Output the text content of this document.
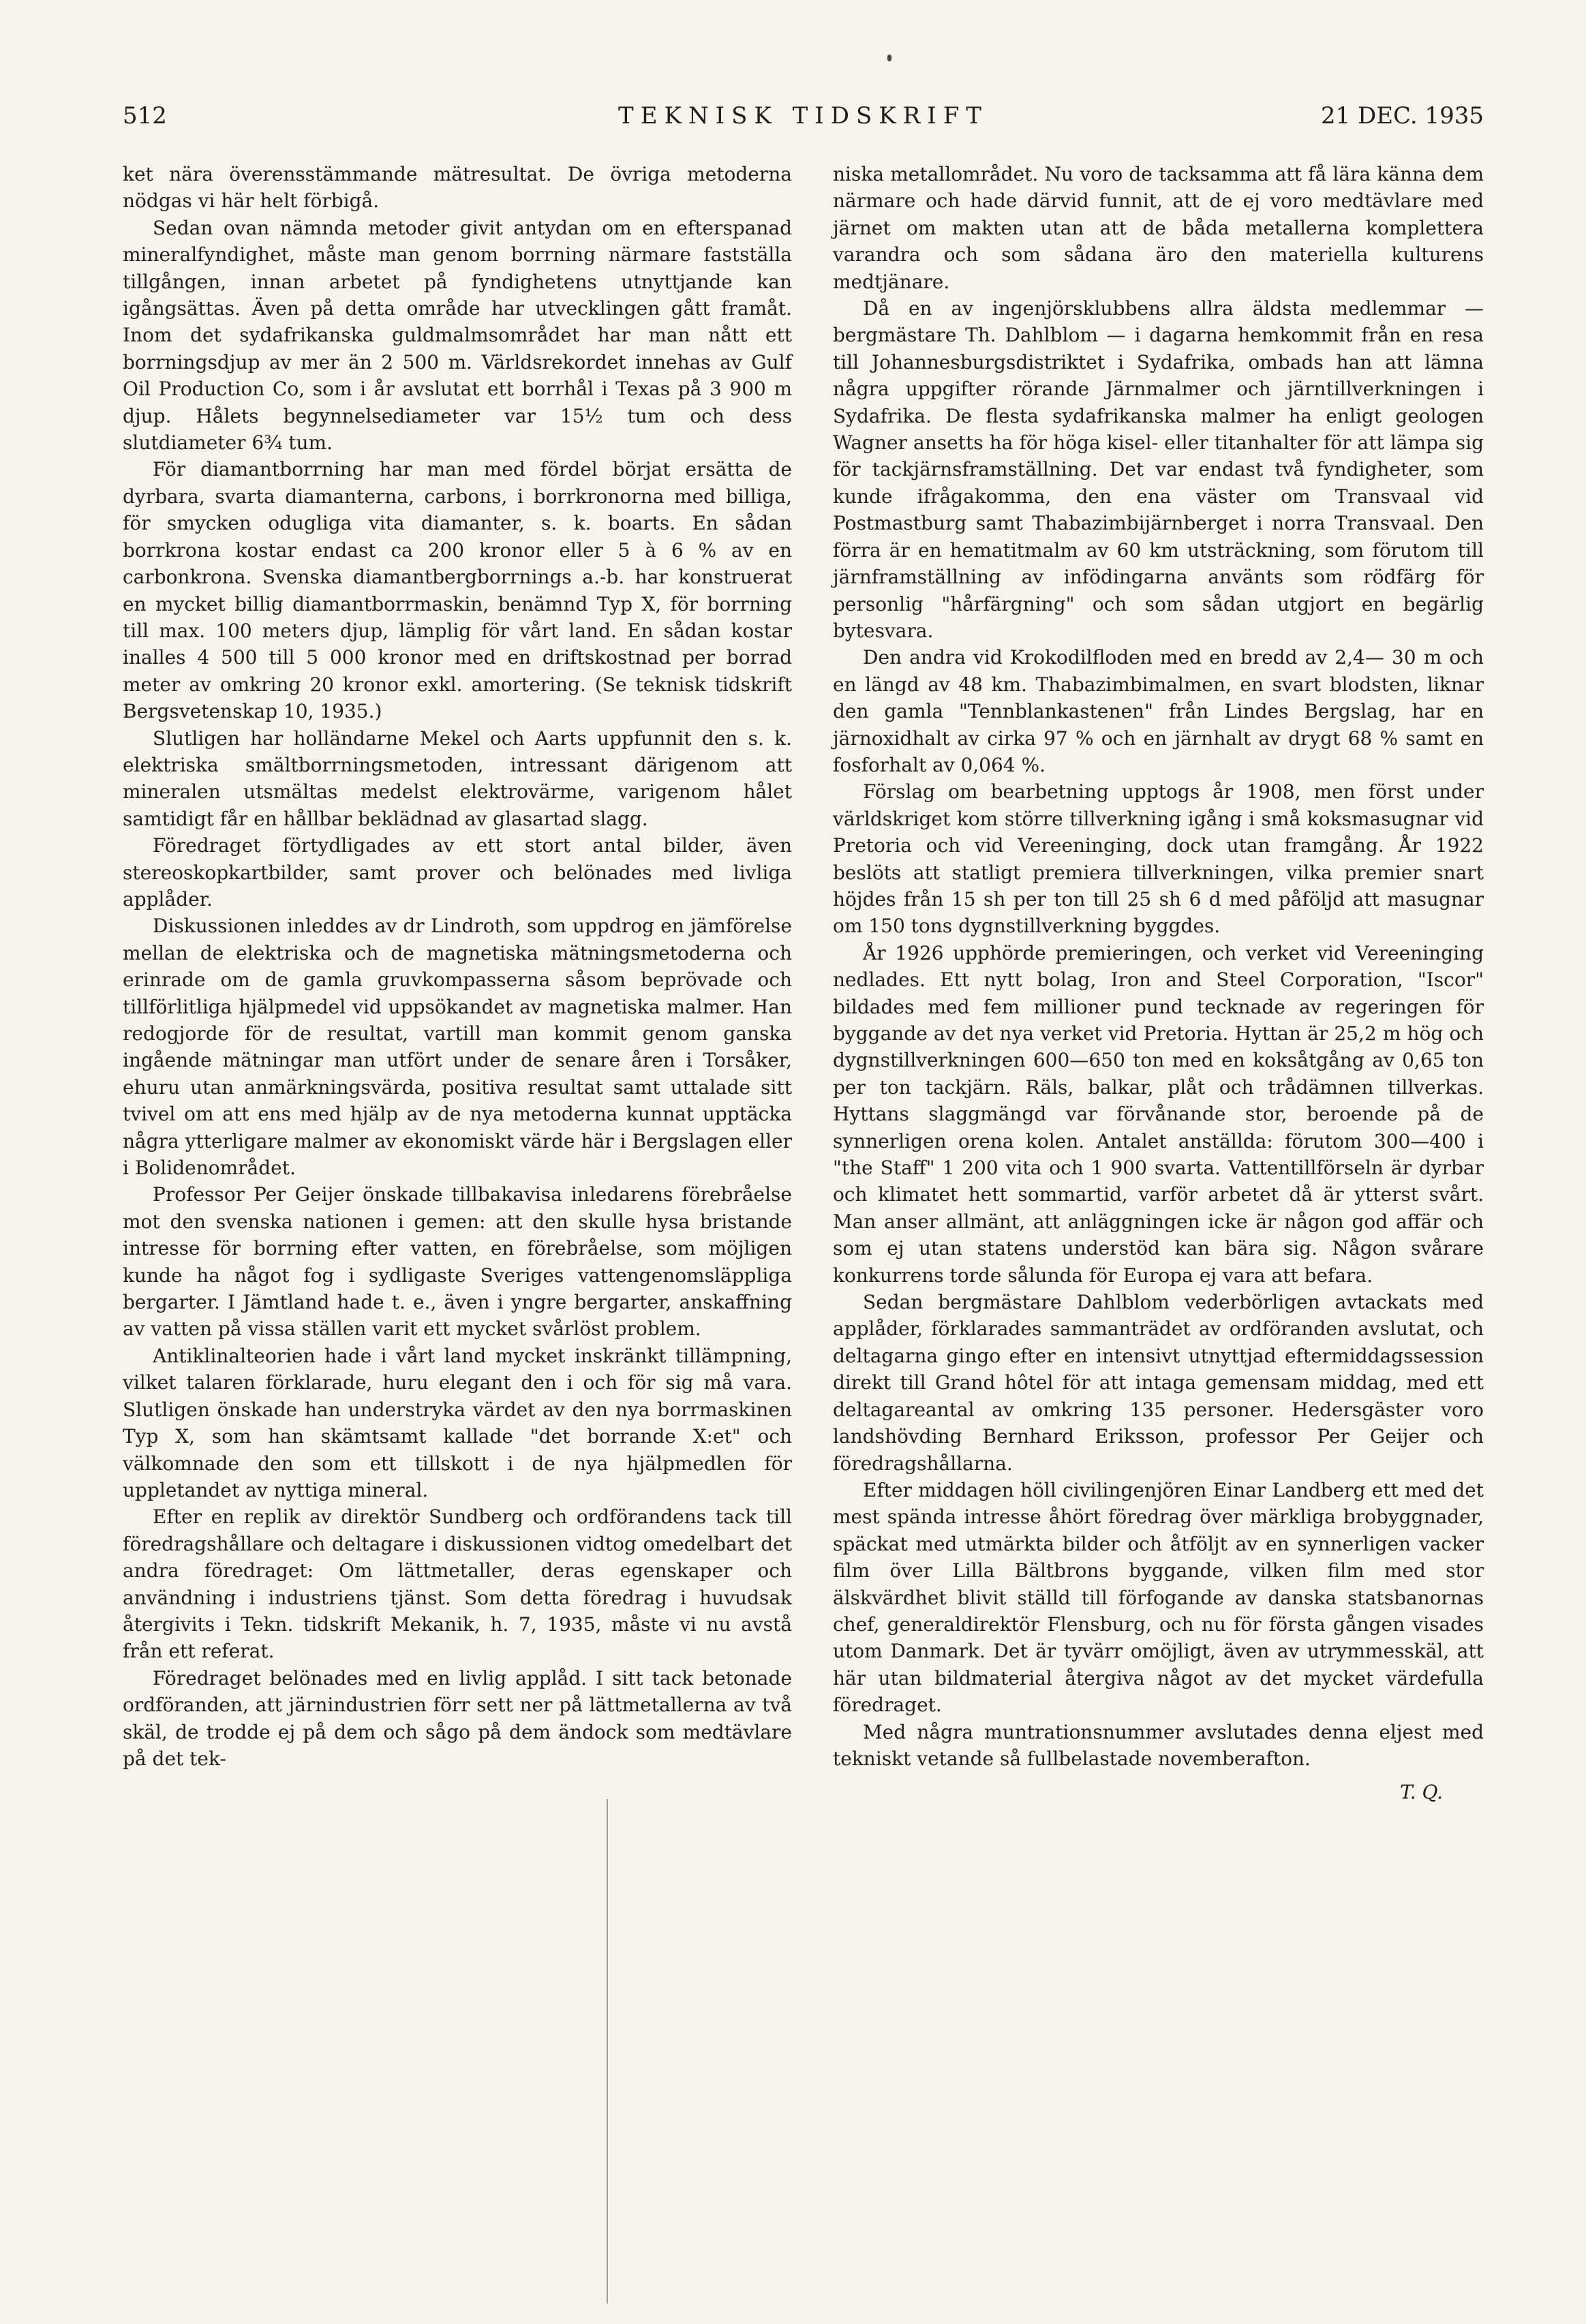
512	TEKNISK TIDSKRIFT	21 DEC. 1935

ket nära överensstämmande mätresultat. De övriga metoderna nödgas vi här helt förbigå.

Sedan ovan nämnda metoder givit antydan om en efterspanad mineralfyndighet, måste man genom borrning närmare fastställa tillgången, innan arbetet på fyndighetens utnyttjande kan igångsättas. Även på detta område har utvecklingen gått framåt. Inom det sydafrikanska guldmalmsområdet har man nått ett borrningsdjup av mer än 2 500 m. Världsrekordet innehas av Gulf Oil Production Co, som i år avslutat ett borrhål i Texas på 3 900 m djup. Hålets begynnelsediameter var 15½ tum och dess slutdiameter 6¾ tum.

För diamantborrning har man med fördel börjat ersätta de dyrbara, svarta diamanterna, carbons, i borrkronorna med billiga, för smycken odugliga vita diamanter, s. k. boarts. En sådan borrkrona kostar endast ca 200 kronor eller 5 à 6 % av en carbonkrona. Svenska diamantbergborrnings a.-b. har konstruerat en mycket billig diamantborrmaskin, benämnd Typ X, för borrning till max. 100 meters djup, lämplig för vårt land. En sådan kostar inalles 4 500 till 5 000 kronor med en driftskostnad per borrad meter av omkring 20 kronor exkl. amortering. (Se teknisk tidskrift Bergsvetenskap 10, 1935.)

Slutligen har holländarne Mekel och Aarts uppfunnit den s. k. elektriska smältborrningsmetoden, intressant därigenom att mineralen utsmältas medelst elektrovärme, varigenom hålet samtidigt får en hållbar beklädnad av glasartad slagg.

Föredraget förtydligades av ett stort antal bilder, även stereoskopkartbilder, samt prover och belönades med livliga applåder.

Diskussionen inleddes av dr Lindroth, som uppdrog en jämförelse mellan de elektriska och de magnetiska mätningsmetoderna och erinrade om de gamla gruvkompasserna såsom beprövade och tillförlitliga hjälpmedel vid uppsökandet av magnetiska malmer. Han redogjorde för de resultat, vartill man kommit genom ganska ingående mätningar man utfört under de senare åren i Torsåker, ehuru utan anmärkningsvärda, positiva resultat samt uttalade sitt tvivel om att ens med hjälp av de nya metoderna kunnat upptäcka några ytterligare malmer av ekonomiskt värde här i Bergslagen eller i Bolidenområdet.

Professor Per Geijer önskade tillbakavisa inledarens förebråelse mot den svenska nationen i gemen: att den skulle hysa bristande intresse för borrning efter vatten, en förebråelse, som möjligen kunde ha något fog i sydligaste Sveriges vattengenomsläppliga bergarter. I Jämtland hade t. e., även i yngre bergarter, anskaffning av vatten på vissa ställen varit ett mycket svårlöst problem.

Antiklinalteorien hade i vårt land mycket inskränkt tillämpning, vilket talaren förklarade, huru elegant den i och för sig må vara. Slutligen önskade han understryka värdet av den nya borrmaskinen Typ X, som han skämtsamt kallade "det borrande X:et" och välkomnade den som ett tillskott i de nya hjälpmedlen för uppletandet av nyttiga mineral.

Efter en replik av direktör Sundberg och ordförandens tack till föredragshållare och deltagare i diskussionen vidtog omedelbart det andra föredraget: Om lättmetaller, deras egenskaper och användning i industriens tjänst. Som detta föredrag i huvudsak återgivits i Tekn. tidskrift Mekanik, h. 7, 1935, måste vi nu avstå från ett referat.

Föredraget belönades med en livlig applåd. I sitt tack betonade ordföranden, att järnindustrien förr sett ner på lättmetallerna av två skäl, de trodde ej på dem och sågo på dem ändock som medtävlare på det tek-

niska metallområdet. Nu voro de tacksamma att få lära känna dem närmare och hade därvid funnit, att de ej voro medtävlare med järnet om makten utan att de båda metallerna komplettera varandra och som sådana äro den materiella kulturens medtjänare.

Då en av ingenjörsklubbens allra äldsta medlemmar — bergmästare Th. Dahlblom — i dagarna hemkommit från en resa till Johannesburgsdistriktet i Sydafrika, ombads han att lämna några uppgifter rörande Järnmalmer och järntillverkningen i Sydafrika. De flesta sydafrikanska malmer ha enligt geologen Wagner ansetts ha för höga kisel- eller titanhalter för att lämpa sig för tackjärnsframställning. Det var endast två fyndigheter, som kunde ifrågakomma, den ena väster om Transvaal vid Postmastburg samt Thabazimbijärnberget i norra Transvaal. Den förra är en hematitmalm av 60 km utsträckning, som förutom till järnframställning av infödingarna använts som rödfärg för personlig "hårfärgning" och som sådan utgjort en begärlig bytesvara.

Den andra vid Krokodilfloden med en bredd av 2,4— 30 m och en längd av 48 km. Thabazimbimalmen, en svart blodsten, liknar den gamla "Tennblankastenen" från Lindes Bergslag, har en järnoxidhalt av cirka 97 % och en järnhalt av drygt 68 % samt en fosforhalt av 0,064 %.

Förslag om bearbetning upptogs år 1908, men först under världskriget kom större tillverkning igång i små koksmasugnar vid Pretoria och vid Vereeninging, dock utan framgång. År 1922 beslöts att statligt premiera tillverkningen, vilka premier snart höjdes från 15 sh per ton till 25 sh 6 d med påföljd att masugnar om 150 tons dygnstillverkning byggdes.

År 1926 upphörde premieringen, och verket vid Vereeninging nedlades. Ett nytt bolag, Iron and Steel Corporation, "Iscor" bildades med fem millioner pund tecknade av regeringen för byggande av det nya verket vid Pretoria. Hyttan är 25,2 m hög och dygnstillverkningen 600—650 ton med en koksåtgång av 0,65 ton per ton tackjärn. Räls, balkar, plåt och trådämnen tillverkas. Hyttans slaggmängd var förvånande stor, beroende på de synnerligen orena kolen. Antalet anställda: förutom 300—400 i "the Staff" 1 200 vita och 1 900 svarta. Vattentillförseln är dyrbar och klimatet hett sommartid, varför arbetet då är ytterst svårt. Man anser allmänt, att anläggningen icke är någon god affär och som ej utan statens understöd kan bära sig. Någon svårare konkurrens torde sålunda för Europa ej vara att befara.

Sedan bergmästare Dahlblom vederbörligen avtackats med applåder, förklarades sammanträdet av ordföranden avslutat, och deltagarna gingo efter en intensivt utnyttjad eftermiddagssession direkt till Grand hôtel för att intaga gemensam middag, med ett deltagareantal av omkring 135 personer. Hedersgäster voro landshövding Bernhard Eriksson, professor Per Geijer och föredragshållarna.

Efter middagen höll civilingenjören Einar Landberg ett med det mest spända intresse åhört föredrag över märkliga brobyggnader, späckat med utmärkta bilder och åtföljt av en synnerligen vacker film över Lilla Bältbrons byggande, vilken film med stor älskvärdhet blivit ställd till förfogande av danska statsbanornas chef, generaldirektör Flensburg, och nu för första gången visades utom Danmark. Det är tyvärr omöjligt, även av utrymmesskäl, att här utan bildmaterial återgiva något av det mycket värdefulla föredraget.

Med några muntrationsnummer avslutades denna eljest med tekniskt vetande så fullbelastade novemberafton.

T. Q.
